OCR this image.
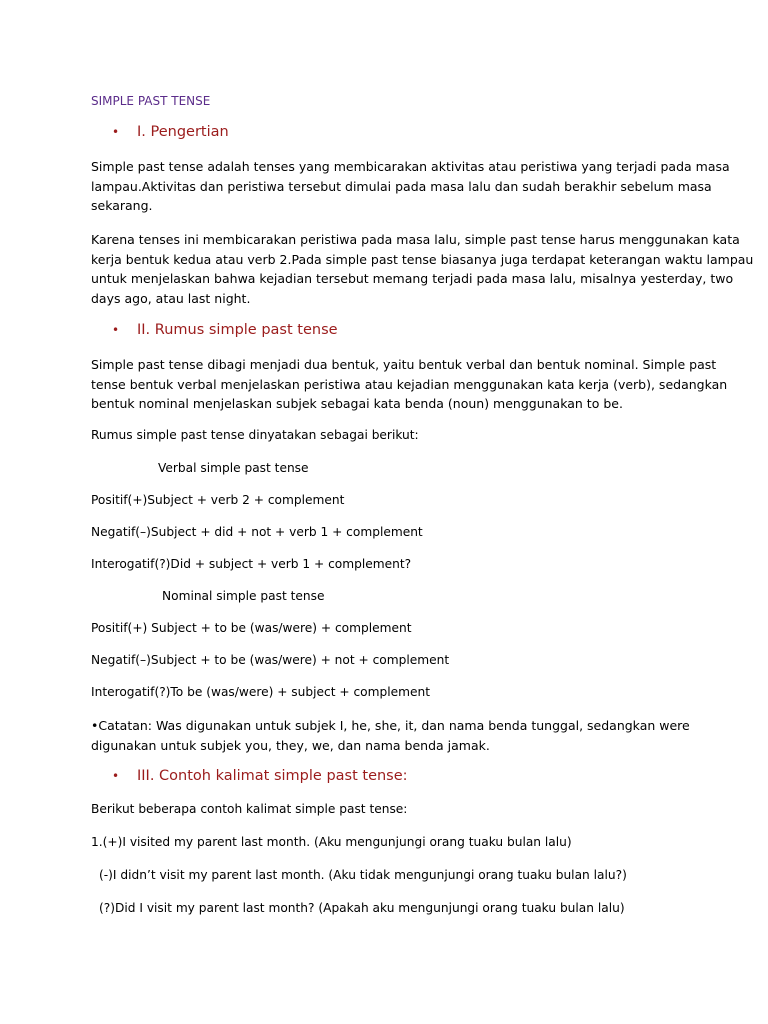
SIMPLE PAST TENSE
• I. Pengertian
Simple past tense adalah tenses yang membicarakan aktivitas atau peristiwa yang terjadi pada masa
lampau.Aktivitas dan peristiwa tersebut dimulai pada masa lalu dan sudah berakhir sebelum masa
sekarang.
Karena tenses ini membicarakan peristiwa pada masa lalu, simple past tense harus menggunakan kata
kerja bentuk kedua atau verb 2.Pada simple past tense biasanya juga terdapat keterangan waktu lampau
untuk menjelaskan bahwa kejadian tersebut memang terjadi pada masa lalu, misalnya yesterday, two
days ago, atau last night.
• II. Rumus simple past tense
Simple past tense dibagi menjadi dua bentuk, yaitu bentuk verbal dan bentuk nominal. Simple past
tense bentuk verbal menjelaskan peristiwa atau kejadian menggunakan kata kerja (verb), sedangkan
bentuk nominal menjelaskan subjek sebagai kata benda (noun) menggunakan to be.
Rumus simple past tense dinyatakan sebagai berikut:
Verbal simple past tense
Positif(+)Subject + verb 2 + complement
Negatif(–)Subject + did + not + verb 1 + complement
Interogatif(?)Did + subject + verb 1 + complement?
Nominal simple past tense
Positif(+) Subject + to be (was/were) + complement
Negatif(–)Subject + to be (was/were) + not + complement
Interogatif(?)To be (was/were) + subject + complement
•Catatan: Was digunakan untuk subjek I, he, she, it, dan nama benda tunggal, sedangkan were
digunakan untuk subjek you, they, we, dan nama benda jamak.
• III. Contoh kalimat simple past tense:
Berikut beberapa contoh kalimat simple past tense:
1.(+)I visited my parent last month. (Aku mengunjungi orang tuaku bulan lalu)
(-)I didn’t visit my parent last month. (Aku tidak mengunjungi orang tuaku bulan lalu?)
(?)Did I visit my parent last month? (Apakah aku mengunjungi orang tuaku bulan lalu)
